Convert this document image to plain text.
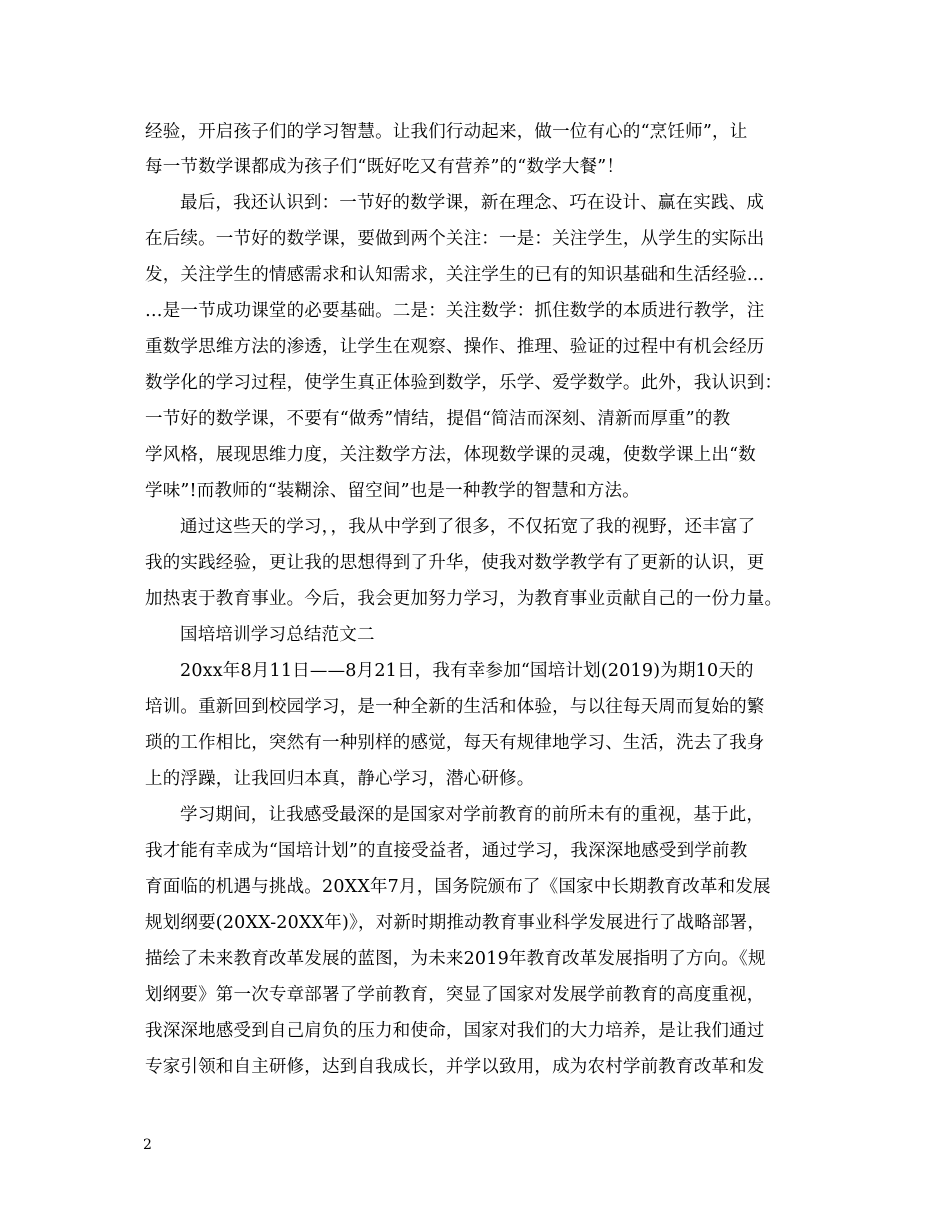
经验，开启孩子们的学习智慧。让我们行动起来，做一位有心的“烹饪师”，让
每一节数学课都成为孩子们“既好吃又有营养”的“数学大餐”！
最后，我还认识到：一节好的数学课，新在理念、巧在设计、赢在实践、成
在后续。一节好的数学课，要做到两个关注：一是：关注学生，从学生的实际出
发，关注学生的情感需求和认知需求，关注学生的已有的知识基础和生活经验…
…是一节成功课堂的必要基础。二是：关注数学：抓住数学的本质进行教学，注
重数学思维方法的渗透，让学生在观察、操作、推理、验证的过程中有机会经历
数学化的学习过程，使学生真正体验到数学，乐学、爱学数学。此外，我认识到：
一节好的数学课，不要有“做秀”情结，提倡“简洁而深刻、清新而厚重”的教
学风格，展现思维力度，关注数学方法，体现数学课的灵魂，使数学课上出“数
学味”!而教师的“装糊涂、留空间”也是一种教学的智慧和方法。
通过这些天的学习，，我从中学到了很多，不仅拓宽了我的视野，还丰富了
我的实践经验，更让我的思想得到了升华，使我对数学教学有了更新的认识，更
加热衷于教育事业。今后，我会更加努力学习，为教育事业贡献自己的一份力量。
国培培训学习总结范文二
20xx年8月11日——8月21日，我有幸参加“国培计划(2019)为期10天的
培训。重新回到校园学习，是一种全新的生活和体验，与以往每天周而复始的繁
琐的工作相比，突然有一种别样的感觉，每天有规律地学习、生活，洗去了我身
上的浮躁，让我回归本真，静心学习，潜心研修。
学习期间，让我感受最深的是国家对学前教育的前所未有的重视，基于此，
我才能有幸成为“国培计划”的直接受益者，通过学习，我深深地感受到学前教
育面临的机遇与挑战。20XX年7月，国务院颁布了《国家中长期教育改革和发展
规划纲要(20XX-20XX年)》，对新时期推动教育事业科学发展进行了战略部署，
描绘了未来教育改革发展的蓝图，为未来2019年教育改革发展指明了方向。《规
划纲要》第一次专章部署了学前教育，突显了国家对发展学前教育的高度重视，
我深深地感受到自己肩负的压力和使命，国家对我们的大力培养，是让我们通过
专家引领和自主研修，达到自我成长，并学以致用，成为农村学前教育改革和发
2
